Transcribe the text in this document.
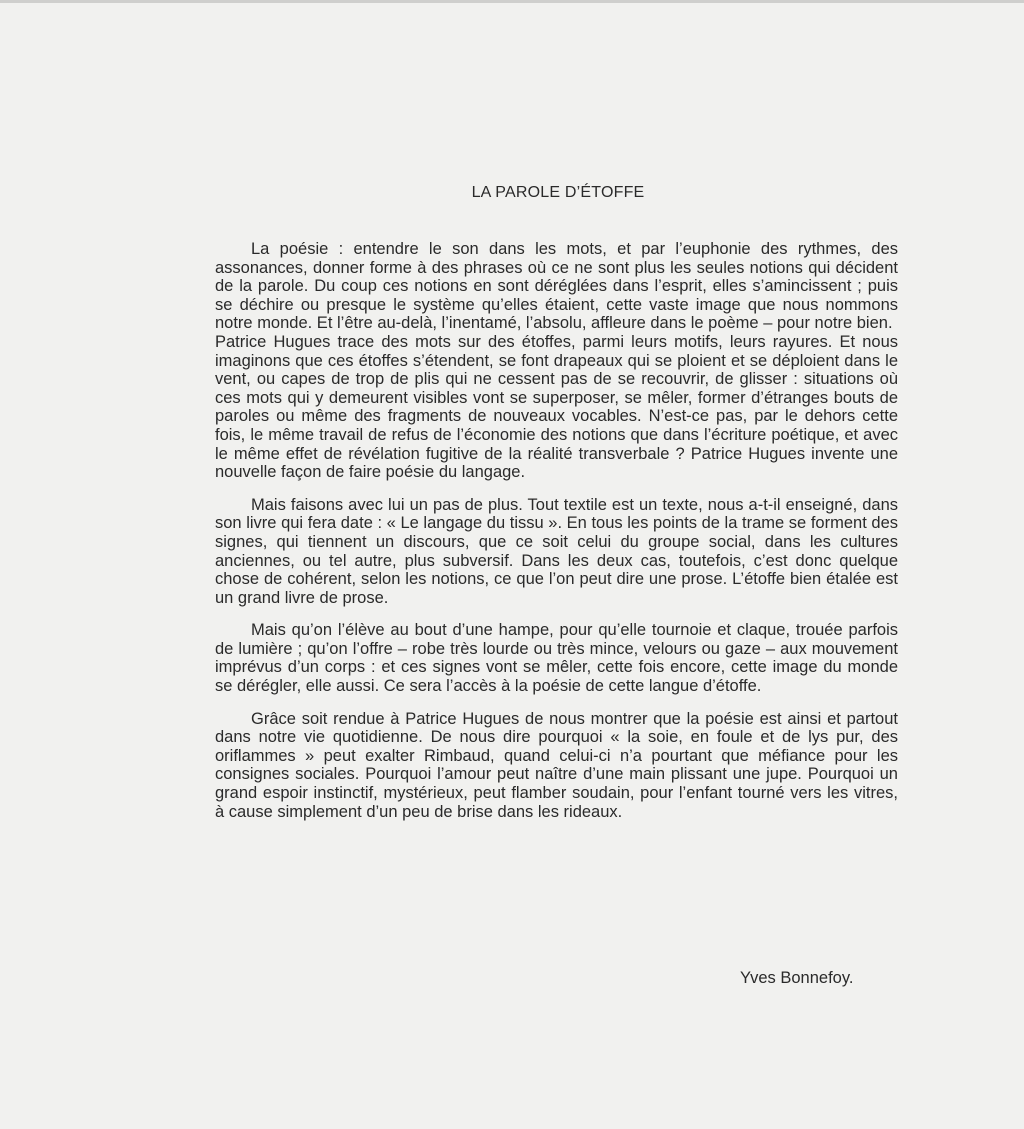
LA PAROLE D’ÉTOFFE

La poésie : entendre le son dans les mots, et par l’euphonie des rythmes, des assonances, donner forme à des phrases où ce ne sont plus les seules notions qui décident de la parole. Du coup ces notions en sont déréglées dans l’esprit, elles s’amincissent ; puis se déchire ou presque le système qu’elles étaient, cette vaste image que nous nommons notre monde. Et l’être au-delà, l’inentamé, l’absolu, affleure dans le poème – pour notre bien.

Patrice Hugues trace des mots sur des étoffes, parmi leurs motifs, leurs rayures. Et nous imaginons que ces étoffes s’étendent, se font drapeaux qui se ploient et se déploient dans le vent, ou capes de trop de plis qui ne cessent pas de se recouvrir, de glisser : situations où ces mots qui y demeurent visibles vont se superposer, se mêler, former d’étranges bouts de paroles ou même des fragments de nouveaux vocables. N’est-ce pas, par le dehors cette fois, le même travail de refus de l’économie des notions que dans l’écriture poétique, et avec le même effet de révélation fugitive de la réalité transverbale ? Patrice Hugues invente une nouvelle façon de faire poésie du langage.

Mais faisons avec lui un pas de plus. Tout textile est un texte, nous a-t-il enseigné, dans son livre qui fera date : « Le langage du tissu ». En tous les points de la trame se forment des signes, qui tiennent un discours, que ce soit celui du groupe social, dans les cultures anciennes, ou tel autre, plus subversif. Dans les deux cas, toutefois, c’est donc quelque chose de cohérent, selon les notions, ce que l’on peut dire une prose. L’étoffe bien étalée est un grand livre de prose.

Mais qu’on l’élève au bout d’une hampe, pour qu’elle tournoie et claque, trouée parfois de lumière ; qu’on l’offre – robe très lourde ou très mince, velours ou gaze – aux mouvement imprévus d’un corps : et ces signes vont se mêler, cette fois encore, cette image du monde se dérégler, elle aussi. Ce sera l’accès à la poésie de cette langue d’étoffe.

Grâce soit rendue à Patrice Hugues de nous montrer que la poésie est ainsi et partout dans notre vie quotidienne. De nous dire pourquoi « la soie, en foule et de lys pur, des oriflammes » peut exalter Rimbaud, quand celui-ci n’a pourtant que méfiance pour les consignes sociales. Pourquoi l’amour peut naître d’une main plissant une jupe. Pourquoi un grand espoir instinctif, mystérieux, peut flamber soudain, pour l’enfant tourné vers les vitres, à cause simplement d’un peu de brise dans les rideaux.

Yves Bonnefoy.
